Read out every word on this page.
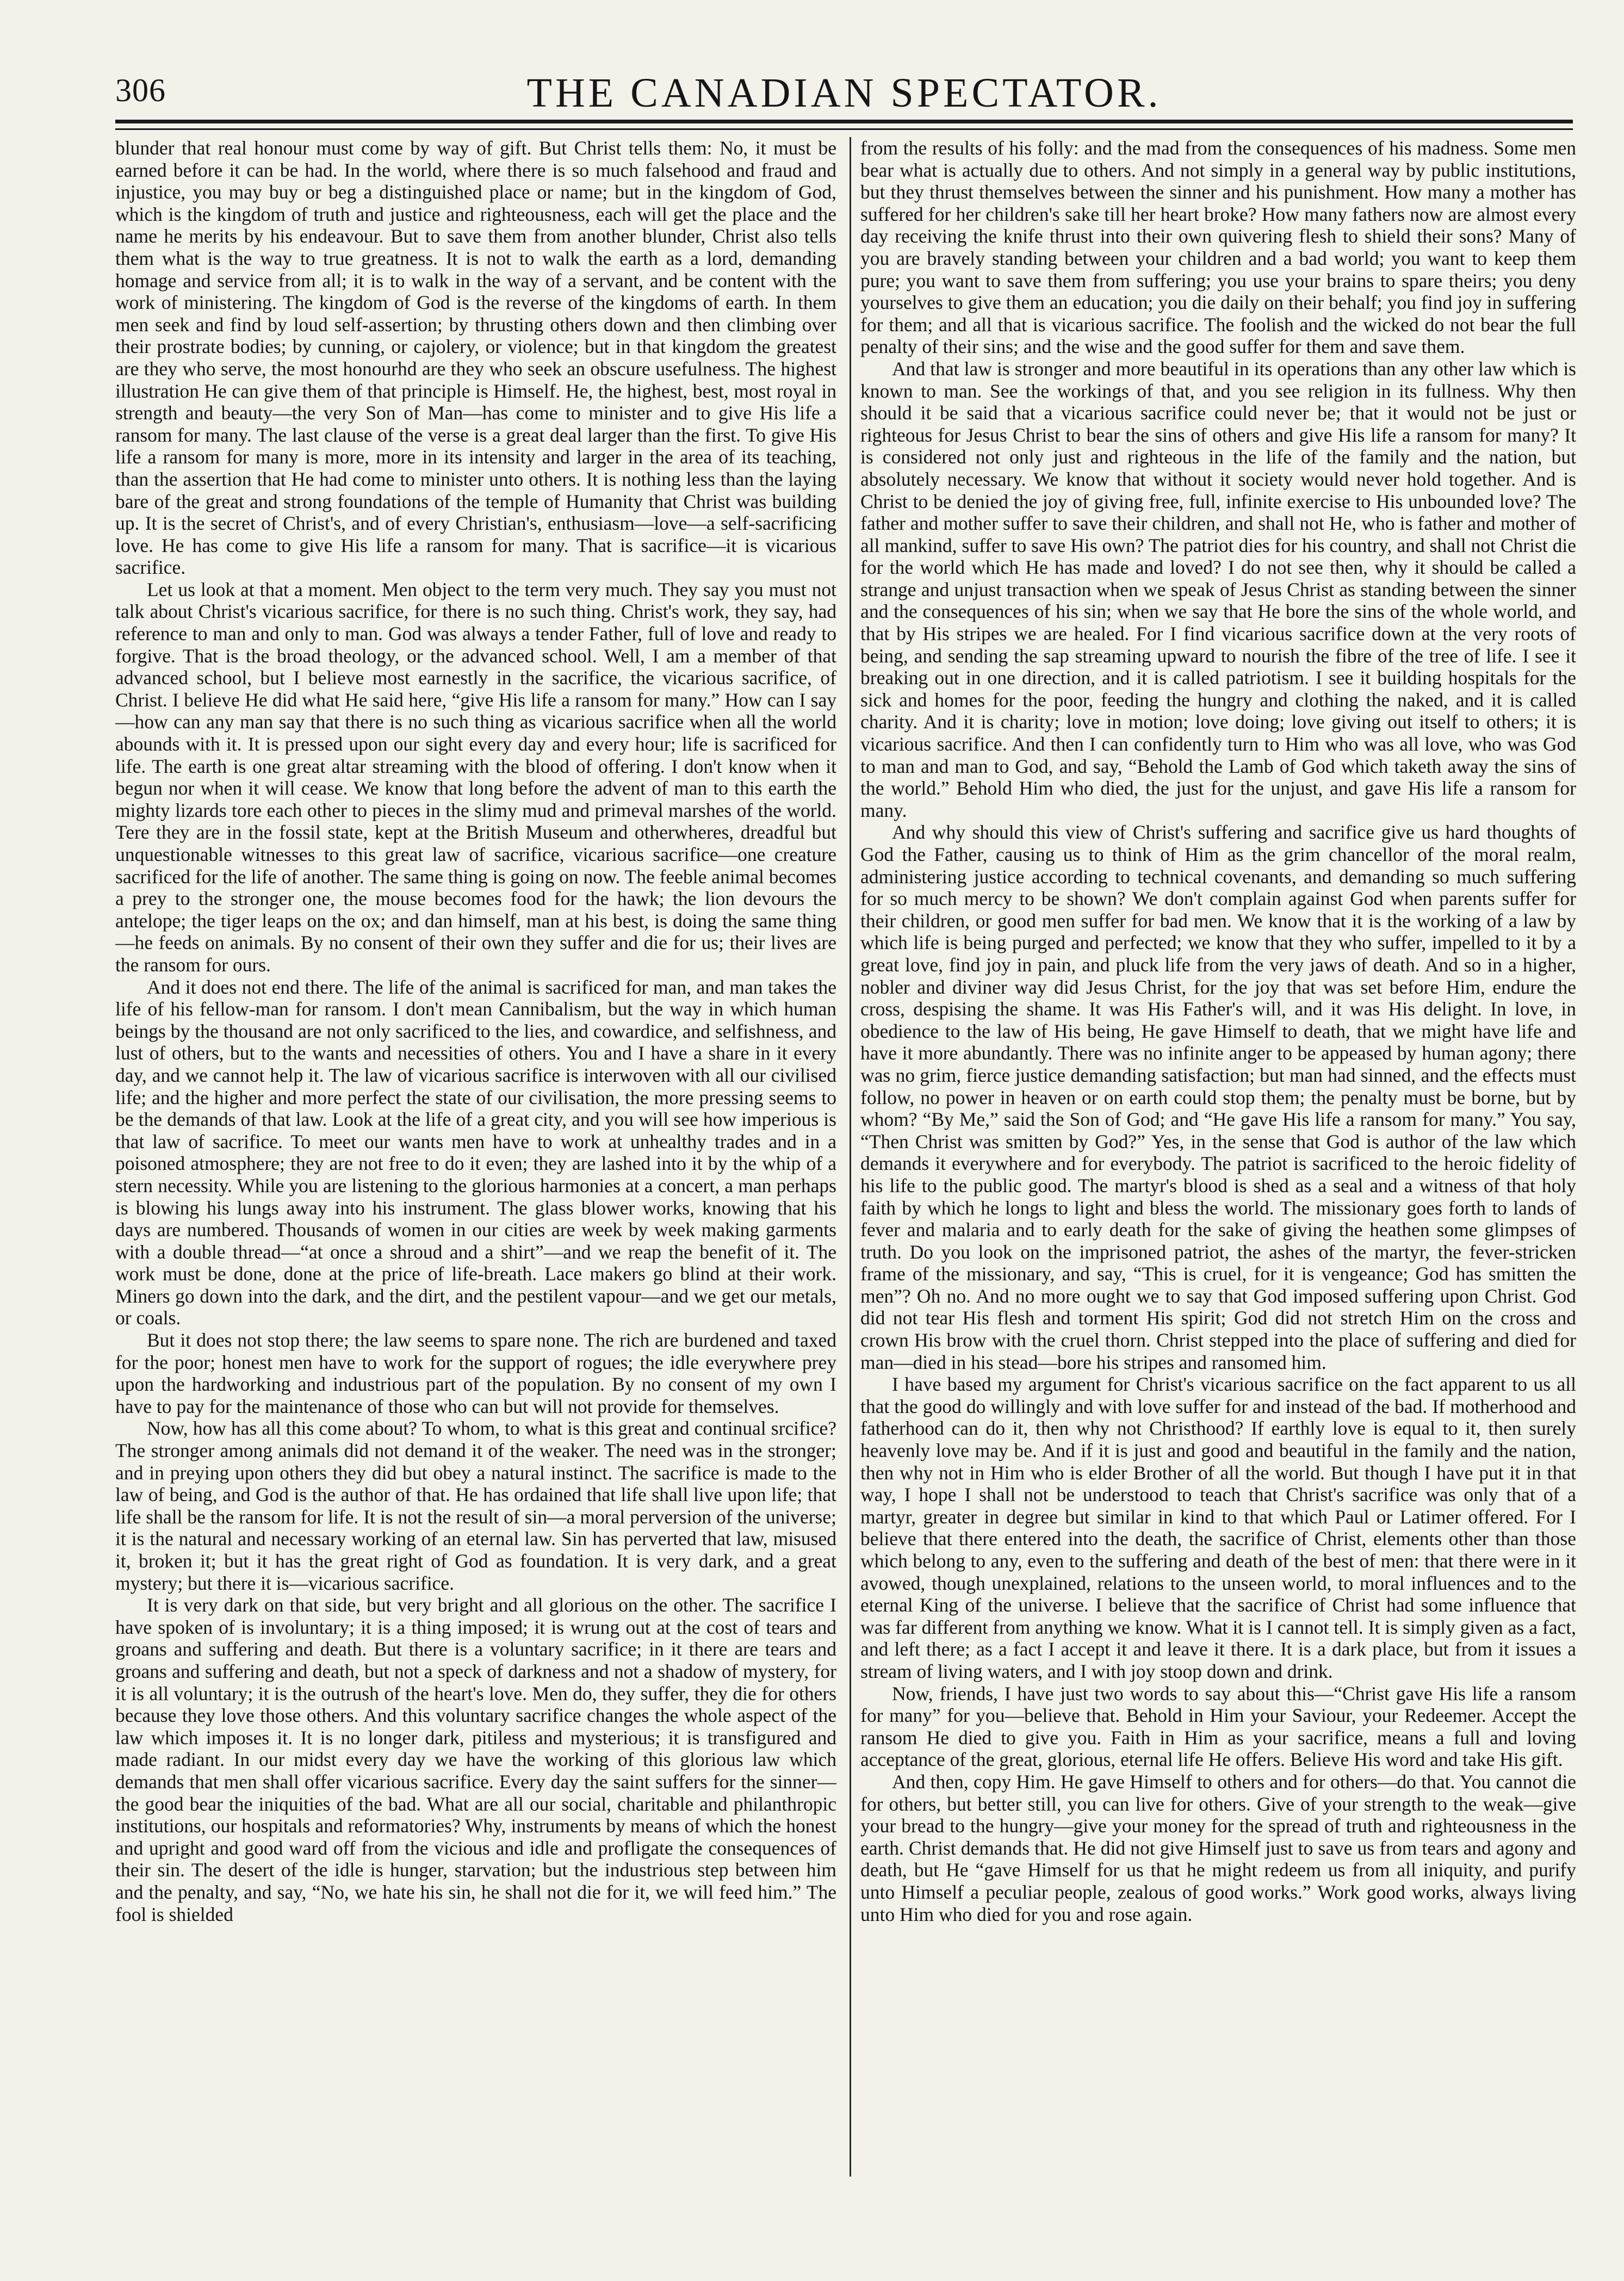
306	THE CANADIAN SPECTATOR.

blunder that real honour must come by way of gift. But Christ tells them: No, it must be earned before it can be had. In the world, where there is so much falsehood and fraud and injustice, you may buy or beg a distinguished place or name; but in the kingdom of God, which is the kingdom of truth and justice and righteousness, each will get the place and the name he merits by his endeavour. But to save them from another blunder, Christ also tells them what is the way to true greatness. It is not to walk the earth as a lord, demanding homage and service from all; it is to walk in the way of a servant, and be content with the work of ministering. The kingdom of God is the reverse of the kingdoms of earth. In them men seek and find by loud self-assertion; by thrusting others down and then climbing over their prostrate bodies; by cunning, or cajolery, or violence; but in that kingdom the greatest are they who serve, the most honourhd are they who seek an obscure usefulness. The highest illustration He can give them of that principle is Himself. He, the highest, best, most royal in strength and beauty—the very Son of Man—has come to minister and to give His life a ransom for many. The last clause of the verse is a great deal larger than the first. To give His life a ransom for many is more, more in its intensity and larger in the area of its teaching, than the assertion that He had come to minister unto others. It is nothing less than the laying bare of the great and strong foundations of the temple of Humanity that Christ was building up. It is the secret of Christ's, and of every Christian's, enthusiasm—love—a self-sacrificing love. He has come to give His life a ransom for many. That is sacrifice—it is vicarious sacrifice.

Let us look at that a moment. Men object to the term very much. They say you must not talk about Christ's vicarious sacrifice, for there is no such thing. Christ's work, they say, had reference to man and only to man. God was always a tender Father, full of love and ready to forgive. That is the broad theology, or the advanced school. Well, I am a member of that advanced school, but I believe most earnestly in the sacrifice, the vicarious sacrifice, of Christ. I believe He did what He said here, “give His life a ransom for many.” How can I say—how can any man say that there is no such thing as vicarious sacrifice when all the world abounds with it. It is pressed upon our sight every day and every hour; life is sacrificed for life. The earth is one great altar streaming with the blood of offering. I don't know when it begun nor when it will cease. We know that long before the advent of man to this earth the mighty lizards tore each other to pieces in the slimy mud and primeval marshes of the world. Tere they are in the fossil state, kept at the British Museum and otherwheres, dreadful but unquestionable witnesses to this great law of sacrifice, vicarious sacrifice—one creature sacrificed for the life of another. The same thing is going on now. The feeble animal becomes a prey to the stronger one, the mouse becomes food for the hawk; the lion devours the antelope; the tiger leaps on the ox; and dan himself, man at his best, is doing the same thing—he feeds on animals. By no consent of their own they suffer and die for us; their lives are the ransom for ours.

And it does not end there. The life of the animal is sacrificed for man, and man takes the life of his fellow-man for ransom. I don't mean Cannibalism, but the way in which human beings by the thousand are not only sacrificed to the lies, and cowardice, and selfishness, and lust of others, but to the wants and necessities of others. You and I have a share in it every day, and we cannot help it. The law of vicarious sacrifice is interwoven with all our civilised life; and the higher and more perfect the state of our civilisation, the more pressing seems to be the demands of that law. Look at the life of a great city, and you will see how imperious is that law of sacrifice. To meet our wants men have to work at unhealthy trades and in a poisoned atmosphere; they are not free to do it even; they are lashed into it by the whip of a stern necessity. While you are listening to the glorious harmonies at a concert, a man perhaps is blowing his lungs away into his instrument. The glass blower works, knowing that his days are numbered. Thousands of women in our cities are week by week making garments with a double thread—“at once a shroud and a shirt”—and we reap the benefit of it. The work must be done, done at the price of life-breath. Lace makers go blind at their work. Miners go down into the dark, and the dirt, and the pestilent vapour—and we get our metals, or coals.

But it does not stop there; the law seems to spare none. The rich are burdened and taxed for the poor; honest men have to work for the support of rogues; the idle everywhere prey upon the hardworking and industrious part of the population. By no consent of my own I have to pay for the maintenance of those who can but will not provide for themselves.

Now, how has all this come about? To whom, to what is this great and continual srcifice? The stronger among animals did not demand it of the weaker. The need was in the stronger; and in preying upon others they did but obey a natural instinct. The sacrifice is made to the law of being, and God is the author of that. He has ordained that life shall live upon life; that life shall be the ransom for life. It is not the result of sin—a moral perversion of the universe; it is the natural and necessary working of an eternal law. Sin has perverted that law, misused it, broken it; but it has the great right of God as foundation. It is very dark, and a great mystery; but there it is—vicarious sacrifice.

It is very dark on that side, but very bright and all glorious on the other. The sacrifice I have spoken of is involuntary; it is a thing imposed; it is wrung out at the cost of tears and groans and suffering and death. But there is a voluntary sacrifice; in it there are tears and groans and suffering and death, but not a speck of darkness and not a shadow of mystery, for it is all voluntary; it is the outrush of the heart's love. Men do, they suffer, they die for others because they love those others. And this voluntary sacrifice changes the whole aspect of the law which imposes it. It is no longer dark, pitiless and mysterious; it is transfigured and made radiant. In our midst every day we have the working of this glorious law which demands that men shall offer vicarious sacrifice. Every day the saint suffers for the sinner—the good bear the iniquities of the bad. What are all our social, charitable and philanthropic institutions, our hospitals and reformatories? Why, instruments by means of which the honest and upright and good ward off from the vicious and idle and profligate the consequences of their sin. The desert of the idle is hunger, starvation; but the industrious step between him and the penalty, and say, “No, we hate his sin, he shall not die for it, we will feed him.” The fool is shielded

from the results of his folly: and the mad from the consequences of his madness. Some men bear what is actually due to others. And not simply in a general way by public institutions, but they thrust themselves between the sinner and his punishment. How many a mother has suffered for her children's sake till her heart broke? How many fathers now are almost every day receiving the knife thrust into their own quivering flesh to shield their sons? Many of you are bravely standing between your children and a bad world; you want to keep them pure; you want to save them from suffering; you use your brains to spare theirs; you deny yourselves to give them an education; you die daily on their behalf; you find joy in suffering for them; and all that is vicarious sacrifice. The foolish and the wicked do not bear the full penalty of their sins; and the wise and the good suffer for them and save them.

And that law is stronger and more beautiful in its operations than any other law which is known to man. See the workings of that, and you see religion in its fullness. Why then should it be said that a vicarious sacrifice could never be; that it would not be just or righteous for Jesus Christ to bear the sins of others and give His life a ransom for many? It is considered not only just and righteous in the life of the family and the nation, but absolutely necessary. We know that without it society would never hold together. And is Christ to be denied the joy of giving free, full, infinite exercise to His unbounded love? The father and mother suffer to save their children, and shall not He, who is father and mother of all mankind, suffer to save His own? The patriot dies for his country, and shall not Christ die for the world which He has made and loved? I do not see then, why it should be called a strange and unjust transaction when we speak of Jesus Christ as standing between the sinner and the consequences of his sin; when we say that He bore the sins of the whole world, and that by His stripes we are healed. For I find vicarious sacrifice down at the very roots of being, and sending the sap streaming upward to nourish the fibre of the tree of life. I see it breaking out in one direction, and it is called patriotism. I see it building hospitals for the sick and homes for the poor, feeding the hungry and clothing the naked, and it is called charity. And it is charity; love in motion; love doing; love giving out itself to others; it is vicarious sacrifice. And then I can confidently turn to Him who was all love, who was God to man and man to God, and say, “Behold the Lamb of God which taketh away the sins of the world.” Behold Him who died, the just for the unjust, and gave His life a ransom for many.

And why should this view of Christ's suffering and sacrifice give us hard thoughts of God the Father, causing us to think of Him as the grim chancellor of the moral realm, administering justice according to technical covenants, and demanding so much suffering for so much mercy to be shown? We don't complain against God when parents suffer for their children, or good men suffer for bad men. We know that it is the working of a law by which life is being purged and perfected; we know that they who suffer, impelled to it by a great love, find joy in pain, and pluck life from the very jaws of death. And so in a higher, nobler and diviner way did Jesus Christ, for the joy that was set before Him, endure the cross, despising the shame. It was His Father's will, and it was His delight. In love, in obedience to the law of His being, He gave Himself to death, that we might have life and have it more abundantly. There was no infinite anger to be appeased by human agony; there was no grim, fierce justice demanding satisfaction; but man had sinned, and the effects must follow, no power in heaven or on earth could stop them; the penalty must be borne, but by whom? “By Me,” said the Son of God; and “He gave His life a ransom for many.” You say, “Then Christ was smitten by God?” Yes, in the sense that God is author of the law which demands it everywhere and for everybody. The patriot is sacrificed to the heroic fidelity of his life to the public good. The martyr's blood is shed as a seal and a witness of that holy faith by which he longs to light and bless the world. The missionary goes forth to lands of fever and malaria and to early death for the sake of giving the heathen some glimpses of truth. Do you look on the imprisoned patriot, the ashes of the martyr, the fever-stricken frame of the missionary, and say, “This is cruel, for it is vengeance; God has smitten the men”? Oh no. And no more ought we to say that God imposed suffering upon Christ. God did not tear His flesh and torment His spirit; God did not stretch Him on the cross and crown His brow with the cruel thorn. Christ stepped into the place of suffering and died for man—died in his stead—bore his stripes and ransomed him.

I have based my argument for Christ's vicarious sacrifice on the fact apparent to us all that the good do willingly and with love suffer for and instead of the bad. If motherhood and fatherhood can do it, then why not Christhood? If earthly love is equal to it, then surely heavenly love may be. And if it is just and good and beautiful in the family and the nation, then why not in Him who is elder Brother of all the world. But though I have put it in that way, I hope I shall not be understood to teach that Christ's sacrifice was only that of a martyr, greater in degree but similar in kind to that which Paul or Latimer offered. For I believe that there entered into the death, the sacrifice of Christ, elements other than those which belong to any, even to the suffering and death of the best of men: that there were in it avowed, though unexplained, relations to the unseen world, to moral influences and to the eternal King of the universe. I believe that the sacrifice of Christ had some influence that was far different from anything we know. What it is I cannot tell. It is simply given as a fact, and left there; as a fact I accept it and leave it there. It is a dark place, but from it issues a stream of living waters, and I with joy stoop down and drink.

Now, friends, I have just two words to say about this—“Christ gave His life a ransom for many” for you—believe that. Behold in Him your Saviour, your Redeemer. Accept the ransom He died to give you. Faith in Him as your sacrifice, means a full and loving acceptance of the great, glorious, eternal life He offers. Believe His word and take His gift.

And then, copy Him. He gave Himself to others and for others—do that. You cannot die for others, but better still, you can live for others. Give of your strength to the weak—give your bread to the hungry—give your money for the spread of truth and righteousness in the earth. Christ demands that. He did not give Himself just to save us from tears and agony and death, but He “gave Himself for us that he might redeem us from all iniquity, and purify unto Himself a peculiar people, zealous of good works.” Work good works, always living unto Him who died for you and rose again.
